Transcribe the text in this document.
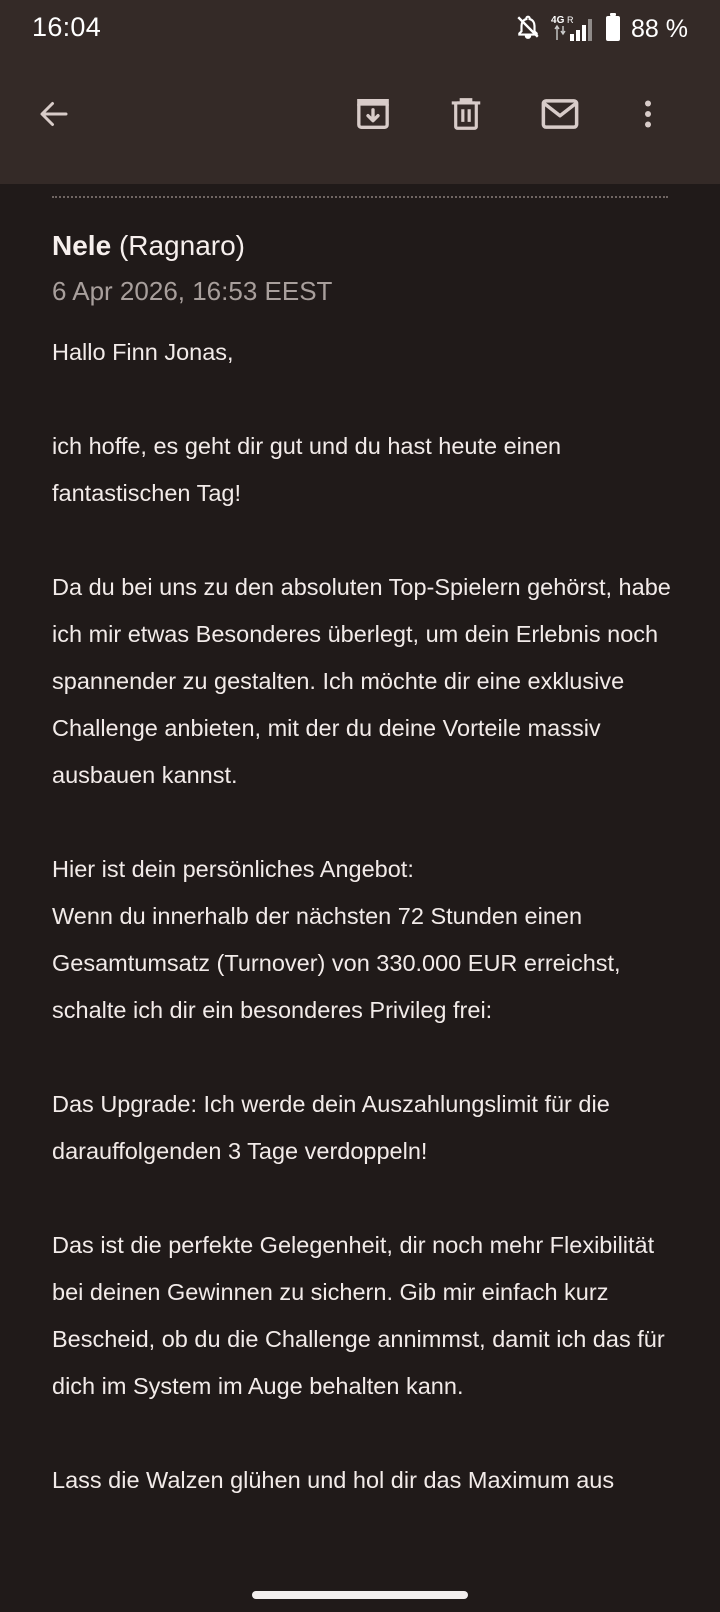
16:04	4G R 88 %
Nele (Ragnaro)
6 Apr 2026, 16:53 EEST

Hallo Finn Jonas,

ich hoffe, es geht dir gut und du hast heute einen fantastischen Tag!

Da du bei uns zu den absoluten Top-Spielern gehörst, habe ich mir etwas Besonderes überlegt, um dein Erlebnis noch spannender zu gestalten. Ich möchte dir eine exklusive Challenge anbieten, mit der du deine Vorteile massiv ausbauen kannst.

Hier ist dein persönliches Angebot:
Wenn du innerhalb der nächsten 72 Stunden einen Gesamtumsatz (Turnover) von 330.000 EUR erreichst, schalte ich dir ein besonderes Privileg frei:

Das Upgrade: Ich werde dein Auszahlungslimit für die darauffolgenden 3 Tage verdoppeln!

Das ist die perfekte Gelegenheit, dir noch mehr Flexibilität bei deinen Gewinnen zu sichern. Gib mir einfach kurz Bescheid, ob du die Challenge annimmst, damit ich das für dich im System im Auge behalten kann.

Lass die Walzen glühen und hol dir das Maximum aus
